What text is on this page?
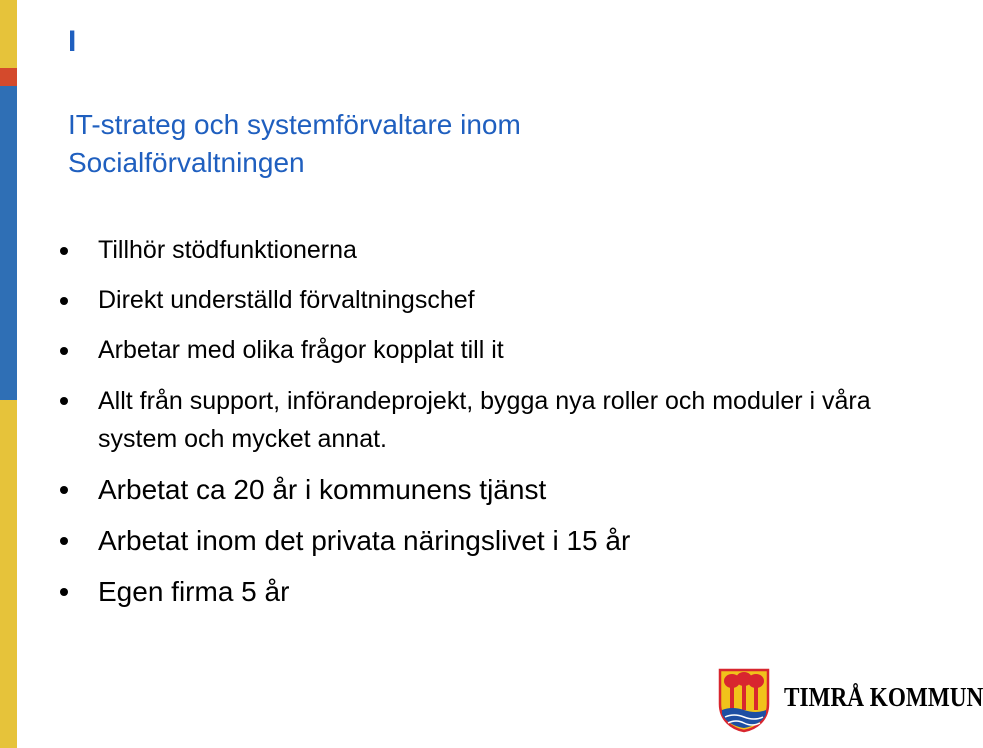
I
IT-strateg och systemförvaltare inom
Socialförvaltningen
Tillhör stödfunktionerna
Direkt underställd förvaltningschef
Arbetar med olika frågor kopplat till it
Allt från support, införandeprojekt, bygga nya roller och moduler i våra system och mycket annat.
Arbetat ca 20 år i kommunens tjänst
Arbetat inom det privata näringslivet i 15 år
Egen firma 5 år
TIMRÅ KOMMUN
